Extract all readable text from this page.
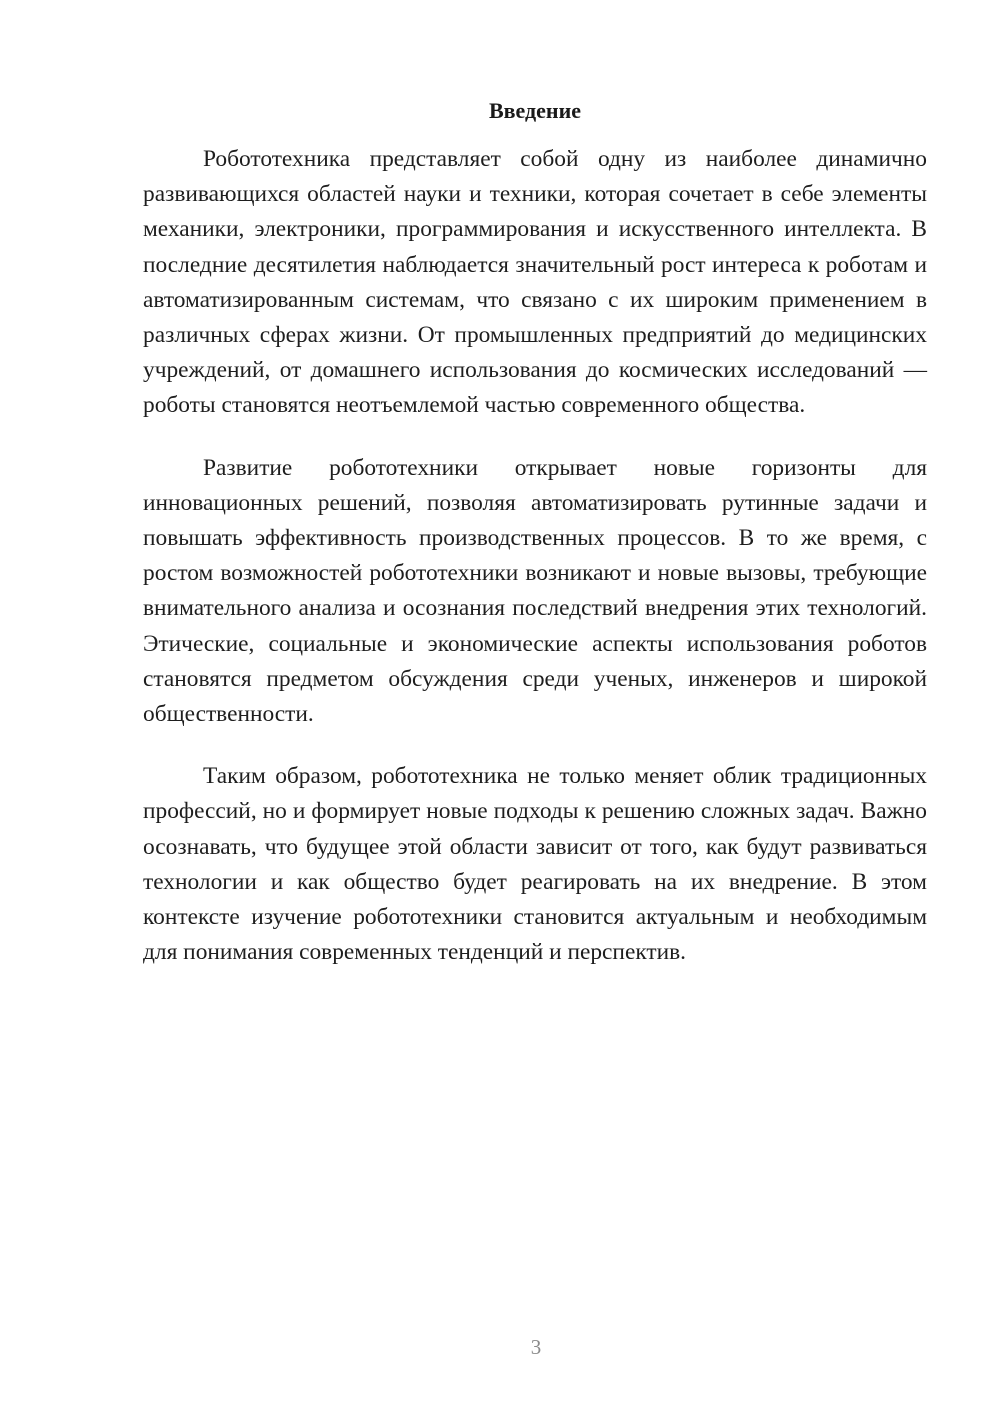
Введение

Робототехника представляет собой одну из наиболее динамично развивающихся областей науки и техники, которая сочетает в себе элементы механики, электроники, программирования и искусственного интеллекта. В последние десятилетия наблюдается значительный рост интереса к роботам и автоматизированным системам, что связано с их широким применением в различных сферах жизни. От промышленных предприятий до медицинских учреждений, от домашнего использования до космических исследований — роботы становятся неотъемлемой частью современного общества.

Развитие робототехники открывает новые горизонты для инновационных решений, позволяя автоматизировать рутинные задачи и повышать эффективность производственных процессов. В то же время, с ростом возможностей робототехники возникают и новые вызовы, требующие внимательного анализа и осознания последствий внедрения этих технологий. Этические, социальные и экономические аспекты использования роботов становятся предметом обсуждения среди ученых, инженеров и широкой общественности.

Таким образом, робототехника не только меняет облик традиционных профессий, но и формирует новые подходы к решению сложных задач. Важно осознавать, что будущее этой области зависит от того, как будут развиваться технологии и как общество будет реагировать на их внедрение. В этом контексте изучение робототехники становится актуальным и необходимым для понимания современных тенденций и перспектив.

3
